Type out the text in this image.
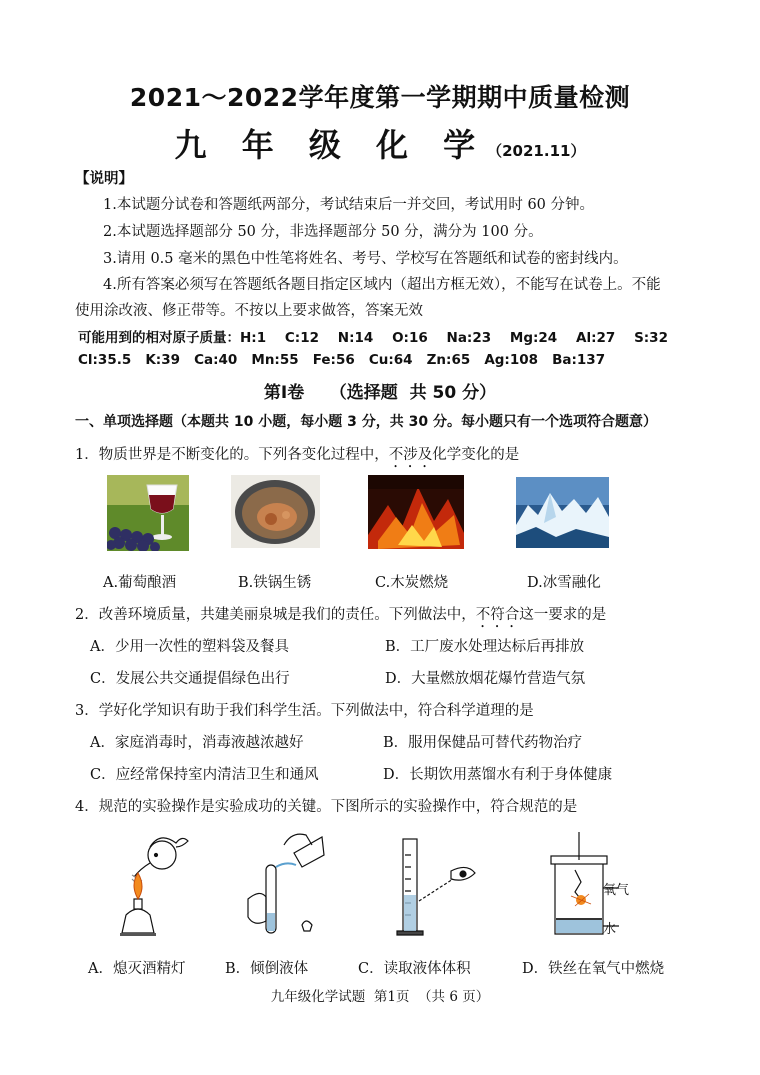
2021～2022学年度第一学期期中质量检测
九 年 级 化 学（2021.11）
【说明】
1.本试题分试卷和答题纸两部分，考试结束后一并交回，考试用时 60 分钟。
2.本试题选择题部分 50 分，非选择题部分 50 分，满分为 100 分。
3.请用 0.5 毫米的黑色中性笔将姓名、考号、学校写在答题纸和试卷的密封线内。
4.所有答案必须写在答题纸各题目指定区域内（超出方框无效），不能写在试卷上。不能
使用涂改液、修正带等。不按以上要求做答，答案无效
可能用到的相对原子质量：H:1    C:12    N:14    O:16    Na:23    Mg:24    Al:27    S:32
Cl:35.5   K:39   Ca:40   Mn:55   Fe:56   Cu:64   Zn:65   Ag:108   Ba:137
第Ⅰ卷　　（选择题  共 50 分）
一、单项选择题（本题共 10 小题，每小题 3 分，共 30 分。每小题只有一个选项符合题意）
1．物质世界是不断变化的。下列各变化过程中，不涉及化学变化的是
A.葡萄酿酒	B.铁锅生锈	C.木炭燃烧	D.冰雪融化
2．改善环境质量，共建美丽泉城是我们的责任。下列做法中，不符合这一要求的是
A．少用一次性的塑料袋及餐具	B．工厂废水处理达标后再排放
C．发展公共交通提倡绿色出行	D．大量燃放烟花爆竹营造气氛
3．学好化学知识有助于我们科学生活。下列做法中，符合科学道理的是
A．家庭消毒时，消毒液越浓越好	B．服用保健品可替代药物治疗
C．应经常保持室内清洁卫生和通风	D．长期饮用蒸馏水有利于身体健康
4．规范的实验操作是实验成功的关键。下图所示的实验操作中，符合规范的是
氧气
水
A．熄灭酒精灯	B．倾倒液体	C．读取液体体积	D．铁丝在氧气中燃烧
九年级化学试题  第1页  （共 6 页）
